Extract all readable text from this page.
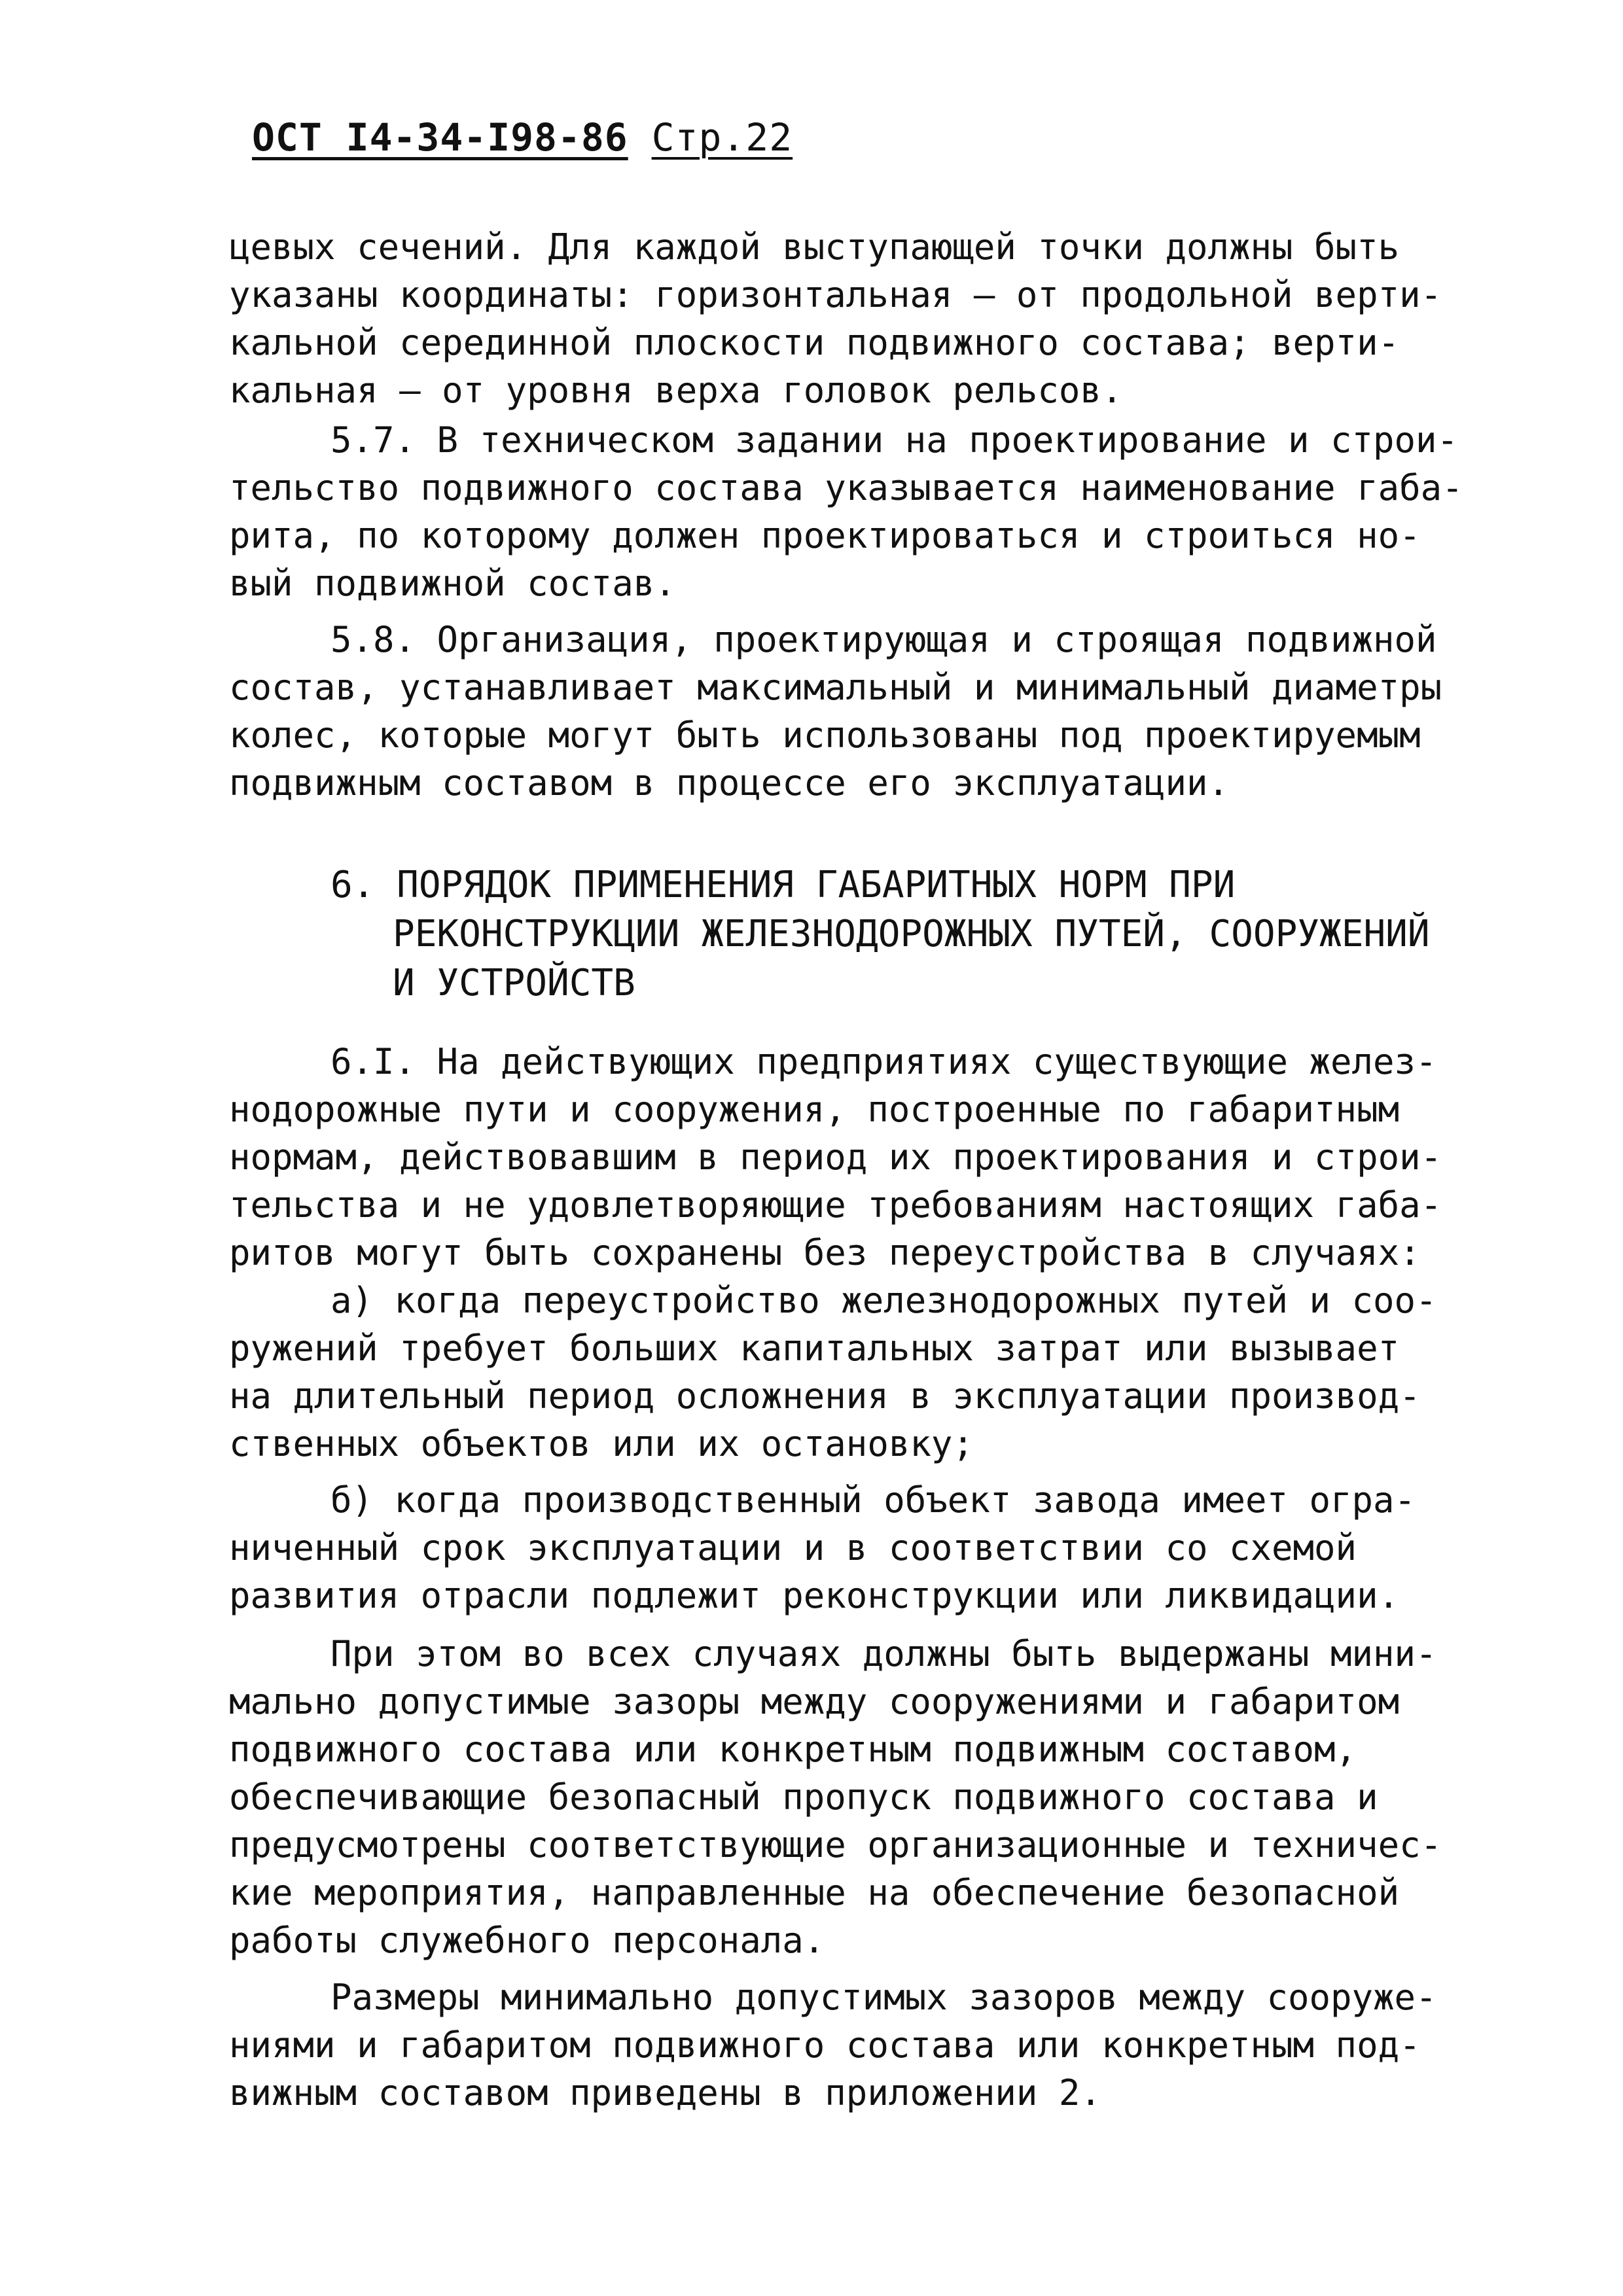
ОСТ I4-34-I98-86 Стр.22
цевых сечений. Для каждой выступающей точки должны быть
указаны координаты: горизонтальная – от продольной верти-
кальной серединной плоскости подвижного состава; верти-
кальная – от уровня верха головок рельсов.
5.7. В техническом задании на проектирование и строи-
тельство подвижного состава указывается наименование габа-
рита, по которому должен проектироваться и строиться но-
вый подвижной состав.
5.8. Организация, проектирующая и строящая подвижной
состав, устанавливает максимальный и минимальный диаметры
колес, которые могут быть использованы под проектируемым
подвижным составом в процессе его эксплуатации.
6. ПОРЯДОК ПРИМЕНЕНИЯ ГАБАРИТНЫХ НОРМ ПРИ
РЕКОНСТРУКЦИИ ЖЕЛЕЗНОДОРОЖНЫХ ПУТЕЙ, СООРУЖЕНИЙ
И УСТРОЙСТВ
6.I. На действующих предприятиях существующие желез-
нодорожные пути и сооружения, построенные по габаритным
нормам, действовавшим в период их проектирования и строи-
тельства и не удовлетворяющие требованиям настоящих габа-
ритов могут быть сохранены без переустройства в случаях:
а) когда переустройство железнодорожных путей и соо-
ружений требует больших капитальных затрат или вызывает
на длительный период осложнения в эксплуатации производ-
ственных объектов или их остановку;
б) когда производственный объект завода имеет огра-
ниченный срок эксплуатации и в соответствии со схемой
развития отрасли подлежит реконструкции или ликвидации.
При этом во всех случаях должны быть выдержаны мини-
мально допустимые зазоры между сооружениями и габаритом
подвижного состава или конкретным подвижным составом,
обеспечивающие безопасный пропуск подвижного состава и
предусмотрены соответствующие организационные и техничес-
кие мероприятия, направленные на обеспечение безопасной
работы служебного персонала.
Размеры минимально допустимых зазоров между сооруже-
ниями и габаритом подвижного состава или конкретным под-
вижным составом приведены в приложении 2.
